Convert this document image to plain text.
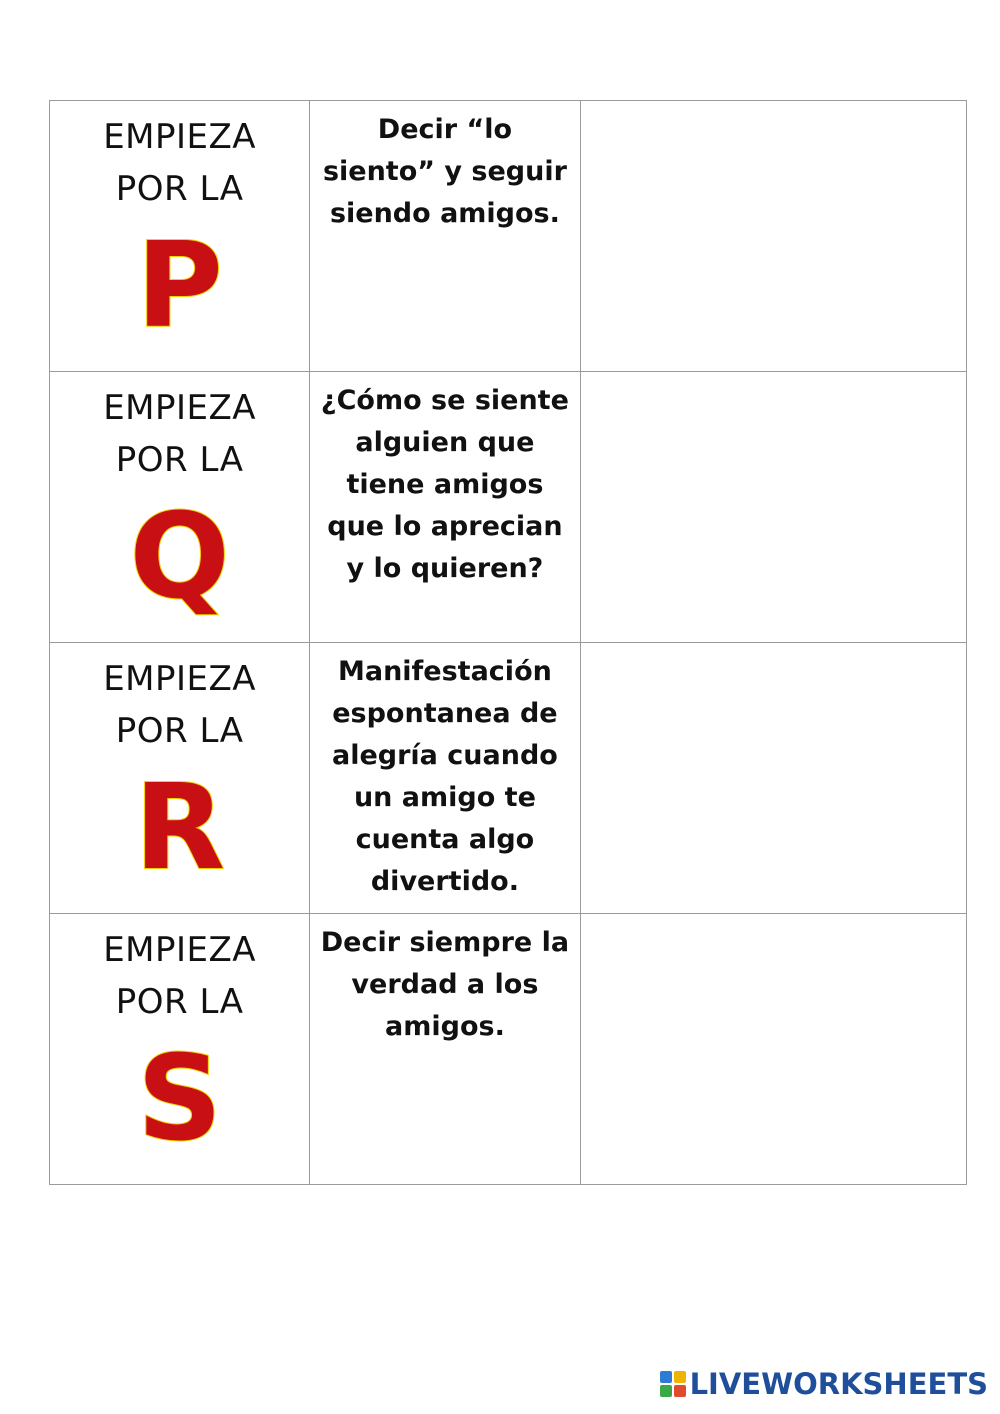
EMPIEZA
POR LA
P	Decir “lo siento” y seguir siendo amigos.	

EMPIEZA
POR LA
Q	¿Cómo se siente alguien que tiene amigos que lo aprecian y lo quieren?	

EMPIEZA
POR LA
R	Manifestación espontanea de alegría cuando un amigo te cuenta algo divertido.	

EMPIEZA
POR LA
S	Decir siempre la verdad a los amigos.	

LIVEWORKSHEETS
